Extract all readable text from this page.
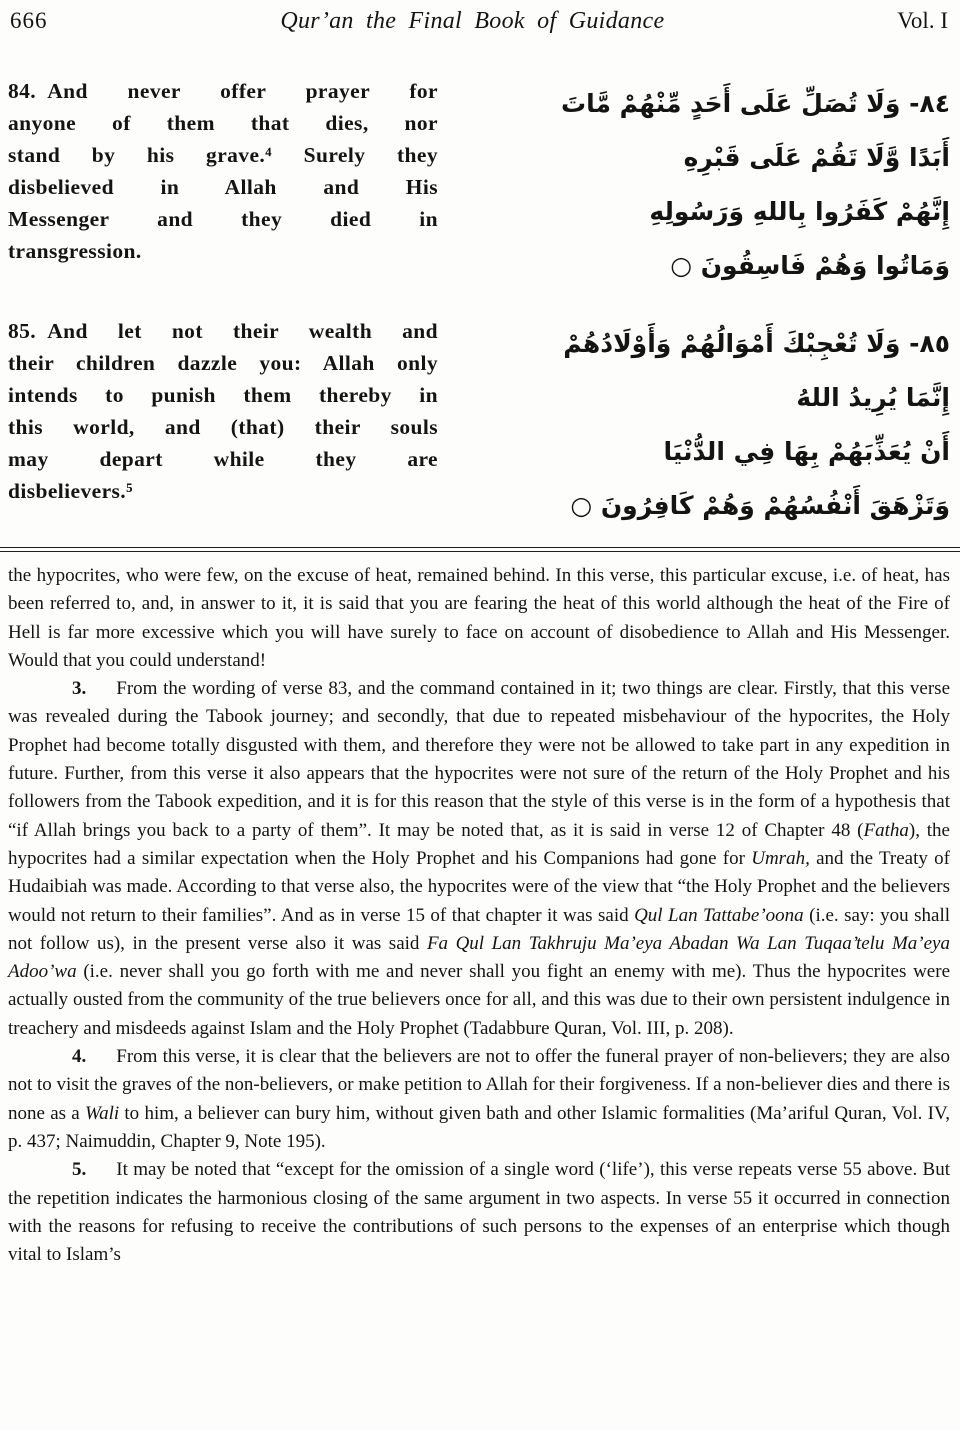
666	Qur’an the Final Book of Guidance	Vol. I
84. And never offer prayer for anyone of them that dies, nor stand by his grave.⁴ Surely they disbelieved in Allah and His Messenger and they died in transgression.
٨٤- وَلَا تُصَلِّ عَلَى أَحَدٍ مِّنْهُمْ مَّاتَ
أَبَدًا وَّلَا تَقُمْ عَلَى قَبْرِهِ
إِنَّهُمْ كَفَرُوا بِاللهِ وَرَسُولِهِ
وَمَاتُوا وَهُمْ فَاسِقُونَ ○
85. And let not their wealth and their children dazzle you: Allah only intends to punish them thereby in this world, and (that) their souls may depart while they are disbelievers.⁵
٨٥- وَلَا تُعْجِبْكَ أَمْوَالُهُمْ وَأَوْلَادُهُمْ
إِنَّمَا يُرِيدُ اللهُ
أَنْ يُعَذِّبَهُمْ بِهَا فِي الدُّنْيَا
وَتَزْهَقَ أَنْفُسُهُمْ وَهُمْ كَافِرُونَ ○

the hypocrites, who were few, on the excuse of heat, remained behind. In this verse, this particular excuse, i.e. of heat, has been referred to, and, in answer to it, it is said that you are fearing the heat of this world although the heat of the Fire of Hell is far more excessive which you will have surely to face on account of disobedience to Allah and His Messenger. Would that you could understand!

3. From the wording of verse 83, and the command contained in it; two things are clear. Firstly, that this verse was revealed during the Tabook journey; and secondly, that due to repeated misbehaviour of the hypocrites, the Holy Prophet had become totally disgusted with them, and therefore they were not be allowed to take part in any expedition in future. Further, from this verse it also appears that the hypocrites were not sure of the return of the Holy Prophet and his followers from the Tabook expedition, and it is for this reason that the style of this verse is in the form of a hypothesis that “if Allah brings you back to a party of them”. It may be noted that, as it is said in verse 12 of Chapter 48 (Fatha), the hypocrites had a similar expectation when the Holy Prophet and his Companions had gone for Umrah, and the Treaty of Hudaibiah was made. According to that verse also, the hypocrites were of the view that “the Holy Prophet and the believers would not return to their families”. And as in verse 15 of that chapter it was said Qul Lan Tattabe’oona (i.e. say: you shall not follow us), in the present verse also it was said Fa Qul Lan Takhruju Ma’eya Abadan Wa Lan Tuqaa’telu Ma’eya Adoo’wa (i.e. never shall you go forth with me and never shall you fight an enemy with me). Thus the hypocrites were actually ousted from the community of the true believers once for all, and this was due to their own persistent indulgence in treachery and misdeeds against Islam and the Holy Prophet (Tadabbure Quran, Vol. III, p. 208).

4. From this verse, it is clear that the believers are not to offer the funeral prayer of non-believers; they are also not to visit the graves of the non-believers, or make petition to Allah for their forgiveness. If a non-believer dies and there is none as a Wali to him, a believer can bury him, without given bath and other Islamic formalities (Ma’ariful Quran, Vol. IV, p. 437; Naimuddin, Chapter 9, Note 195).

5. It may be noted that “except for the omission of a single word (‘life’), this verse repeats verse 55 above. But the repetition indicates the harmonious closing of the same argument in two aspects. In verse 55 it occurred in connection with the reasons for refusing to receive the contributions of such persons to the expenses of an enterprise which though vital to Islam’s
